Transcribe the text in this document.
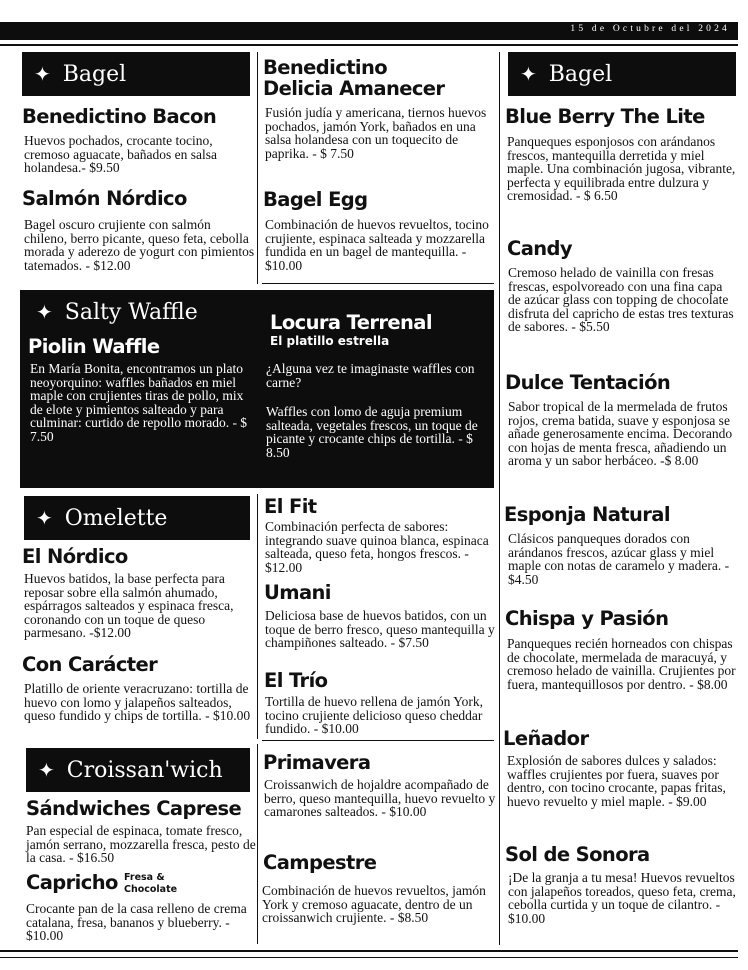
15 de Octubre del 2024
✦ Bagel
Benedictino Bacon
Huevos pochados, crocante tocino, cremoso aguacate, bañados en salsa holandesa.- $9.50
Salmón Nórdico
Bagel oscuro crujiente con salmón chileno, berro picante, queso feta, cebolla morada y aderezo de yogurt con pimientos tatemados. - $12.00
Benedictino
Delicia Amanecer
Fusión judía y americana, tiernos huevos pochados, jamón York, bañados en una salsa holandesa con un toquecito de paprika. - $ 7.50
Bagel Egg
Combinación de huevos revueltos, tocino crujiente, espinaca salteada y mozzarella fundida en un bagel de mantequilla. - $10.00
✦ Salty Waffle
Piolin Waffle
En María Bonita, encontramos un plato neoyorquino: waffles bañados en miel maple con crujientes tiras de pollo, mix de elote y pimientos salteado y para culminar: curtido de repollo morado. - $ 7.50
Locura Terrenal
El platillo estrella
¿Alguna vez te imaginaste waffles con carne?
Waffles con lomo de aguja premium salteada, vegetales frescos, un toque de picante y crocante chips de tortilla. - $ 8.50
✦ Omelette
El Nórdico
Huevos batidos, la base perfecta para reposar sobre ella salmón ahumado, espárragos salteados y espinaca fresca, coronando con un toque de queso parmesano. -$12.00
Con Carácter
Platillo de oriente veracruzano: tortilla de huevo con lomo y jalapeños salteados, queso fundido y chips de tortilla. - $10.00
El Fit
Combinación perfecta de sabores: integrando suave quinoa blanca, espinaca salteada, queso feta, hongos frescos. - $12.00
Umani
Deliciosa base de huevos batidos, con un toque de berro fresco, queso mantequilla y champiñones salteado. - $7.50
El Trío
Tortilla de huevo rellena de jamón York, tocino crujiente delicioso queso cheddar fundido. - $10.00
✦ Croissan'wich
Sándwiches Caprese
Pan especial de espinaca, tomate fresco, jamón serrano, mozzarella fresca, pesto de la casa. - $16.50
Capricho Fresa &
Chocolate
Crocante pan de la casa relleno de crema catalana, fresa, bananos y blueberry. - $10.00
Primavera
Croissanwich de hojaldre acompañado de berro, queso mantequilla, huevo revuelto y camarones salteados. - $10.00
Campestre
Combinación de huevos revueltos, jamón York y cremoso aguacate, dentro de un croissanwich crujiente. - $8.50
✦ Bagel
Blue Berry The Lite
Panqueques esponjosos con arándanos frescos, mantequilla derretida y miel maple. Una combinación jugosa, vibrante, perfecta y equilibrada entre dulzura y cremosidad. - $ 6.50
Candy
Cremoso helado de vainilla con fresas frescas, espolvoreado con una fina capa de azúcar glass con topping de chocolate disfruta del capricho de estas tres texturas de sabores. - $5.50
Dulce Tentación
Sabor tropical de la mermelada de frutos rojos, crema batida, suave y esponjosa se añade generosamente encima. Decorando con hojas de menta fresca, añadiendo un aroma y un sabor herbáceo. -$ 8.00
Esponja Natural
Clásicos panqueques dorados con arándanos frescos, azúcar glass y miel maple con notas de caramelo y madera. - $4.50
Chispa y Pasión
Panqueques recién horneados con chispas de chocolate, mermelada de maracuyá, y cremoso helado de vainilla. Crujientes por fuera, mantequillosos por dentro. - $8.00
Leñador
Explosión de sabores dulces y salados: waffles crujientes por fuera, suaves por dentro, con tocino crocante, papas fritas, huevo revuelto y miel maple. - $9.00
Sol de Sonora
¡De la granja a tu mesa! Huevos revueltos con jalapeños toreados, queso feta, crema, cebolla curtida y un toque de cilantro. - $10.00
